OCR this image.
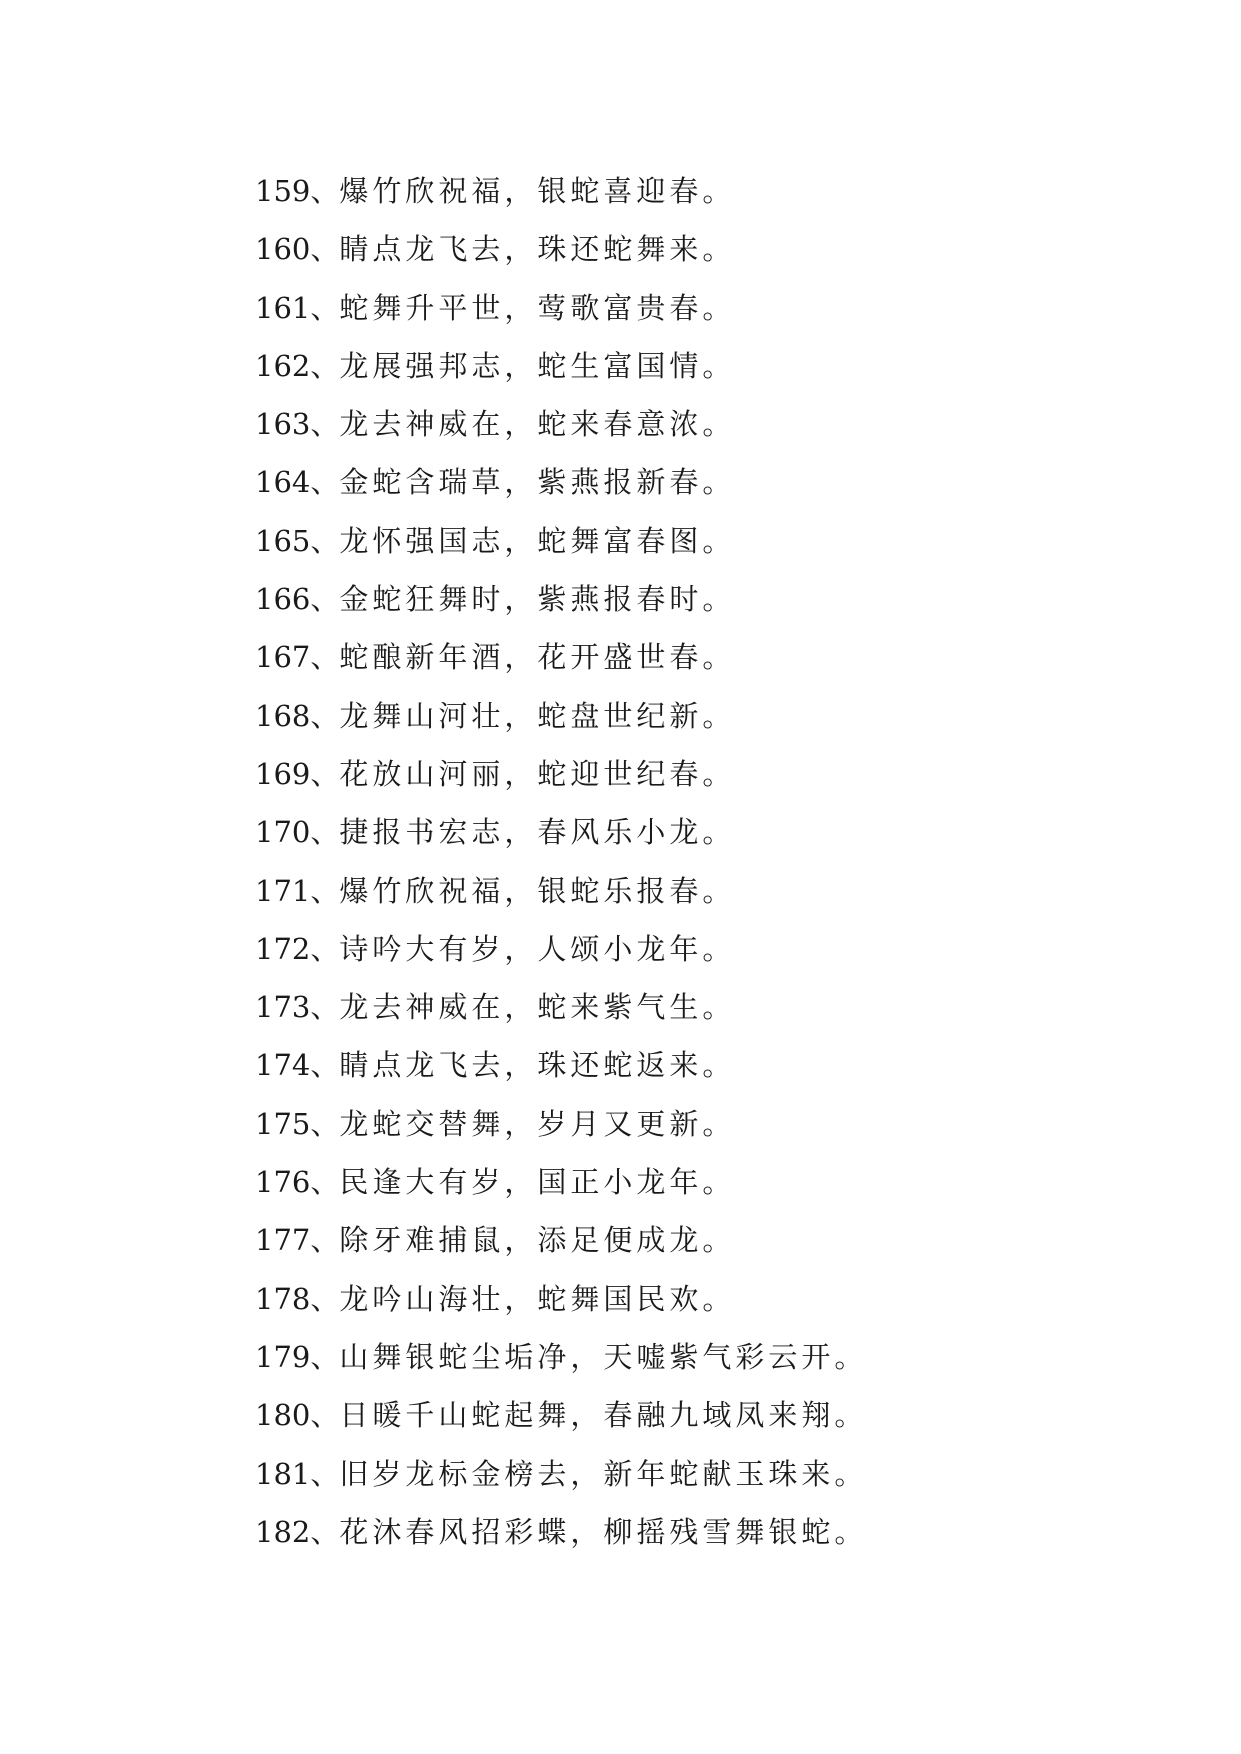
159、爆竹欣祝福，银蛇喜迎春。
160、睛点龙飞去，珠还蛇舞来。
161、蛇舞升平世，莺歌富贵春。
162、龙展强邦志，蛇生富国情。
163、龙去神威在，蛇来春意浓。
164、金蛇含瑞草，紫燕报新春。
165、龙怀强国志，蛇舞富春图。
166、金蛇狂舞时，紫燕报春时。
167、蛇酿新年酒，花开盛世春。
168、龙舞山河壮，蛇盘世纪新。
169、花放山河丽，蛇迎世纪春。
170、捷报书宏志，春风乐小龙。
171、爆竹欣祝福，银蛇乐报春。
172、诗吟大有岁，人颂小龙年。
173、龙去神威在，蛇来紫气生。
174、睛点龙飞去，珠还蛇返来。
175、龙蛇交替舞，岁月又更新。
176、民逢大有岁，国正小龙年。
177、除牙难捕鼠，添足便成龙。
178、龙吟山海壮，蛇舞国民欢。
179、山舞银蛇尘垢净，天嘘紫气彩云开。
180、日暖千山蛇起舞，春融九域凤来翔。
181、旧岁龙标金榜去，新年蛇献玉珠来。
182、花沐春风招彩蝶，柳摇残雪舞银蛇。
